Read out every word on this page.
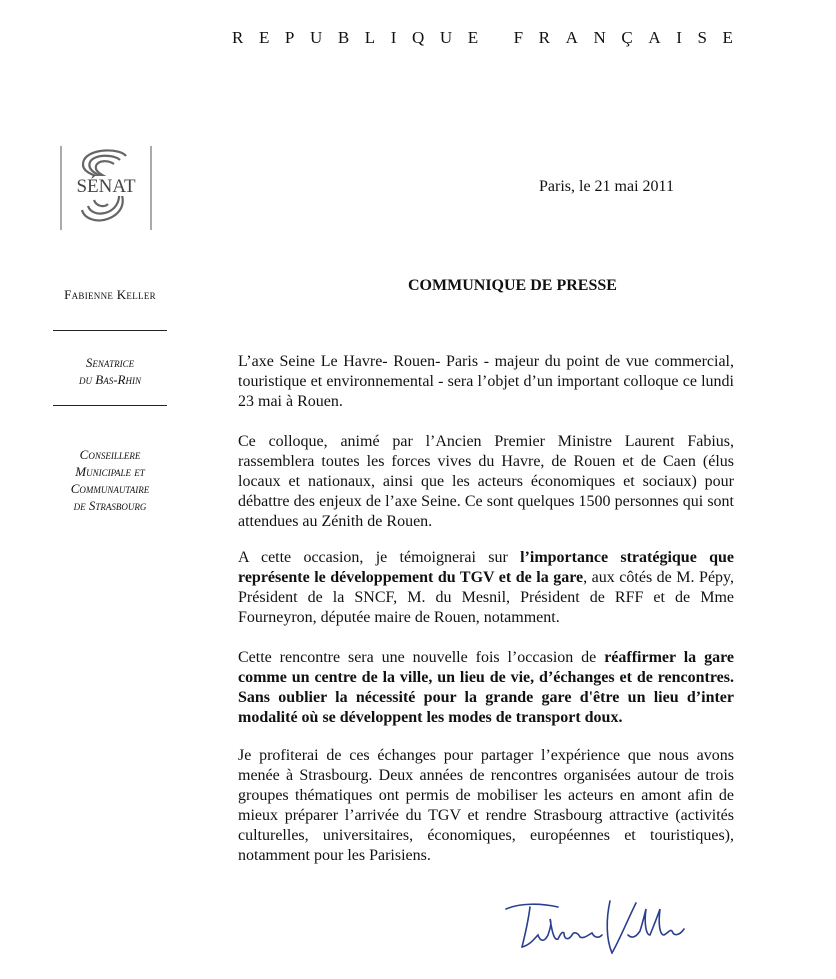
REPUBLIQUE FRANÇAISE
SÉNAT
Fabienne Keller
Senatrice
du Bas-Rhin
Conseillere
Municipale et
Communautaire
de Strasbourg
Paris, le 21 mai 2011
COMMUNIQUE DE PRESSE

L’axe Seine Le Havre- Rouen- Paris - majeur du point de vue commercial, touristique et environnemental - sera l’objet d’un important colloque ce lundi 23 mai à Rouen.

Ce colloque, animé par l’Ancien Premier Ministre Laurent Fabius, rassemblera toutes les forces vives du Havre, de Rouen et de Caen (élus locaux et nationaux, ainsi que les acteurs économiques et sociaux) pour débattre des enjeux de l’axe Seine. Ce sont quelques 1500 personnes qui sont attendues au Zénith de Rouen.

A cette occasion, je témoignerai sur l’importance stratégique que représente le développement du TGV et de la gare, aux côtés de M. Pépy, Président de la SNCF, M. du Mesnil, Président de RFF et de Mme Fourneyron, députée maire de Rouen, notamment.

Cette rencontre sera une nouvelle fois l’occasion de réaffirmer la gare comme un centre de la ville, un lieu de vie, d’échanges et de rencontres. Sans oublier la nécessité pour la grande gare d'être un lieu d’inter modalité où se développent les modes de transport doux.

Je profiterai de ces échanges pour partager l’expérience que nous avons menée à Strasbourg. Deux années de rencontres organisées autour de trois groupes thématiques ont permis de mobiliser les acteurs en amont afin de mieux préparer l’arrivée du TGV et rendre Strasbourg attractive (activités culturelles, universitaires, économiques, européennes et touristiques), notamment pour les Parisiens.
